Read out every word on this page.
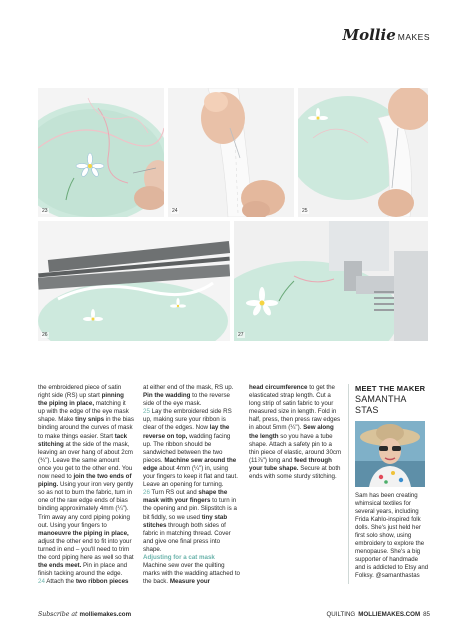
Mollie MAKES
23	24	25
26	27

the embroidered piece of satin right side (RS) up start pinning the piping in place, matching it up with the edge of the eye mask shape. Make tiny snips in the bias binding around the curves of mask to make things easier. Start tack stitching at the side of the mask, leaving an over hang of about 2cm (¾"). Leave the same amount once you get to the other end. You now need to join the two ends of piping. Using your iron very gently so as not to burn the fabric, turn in one of the raw edge ends of bias binding approximately 4mm (¼"). Trim away any cord piping poking out. Using your fingers to manoeuvre the piping in place, adjust the other end to fit into your turned in end – you'll need to trim the cord piping here as well so that the ends meet. Pin in place and finish tacking around the edge.
24 Attach the two ribbon pieces

at either end of the mask, RS up. Pin the wadding to the reverse side of the eye mask.
25 Lay the embroidered side RS up, making sure your ribbon is clear of the edges. Now lay the reverse on top, wadding facing up. The ribbon should be sandwiched between the two pieces. Machine sew around the edge about 4mm (¼") in, using your fingers to keep it flat and taut. Leave an opening for turning.
26 Turn RS out and shape the mask with your fingers to turn in the opening and pin. Slipstitch is a bit fiddly, so we used tiny stab stitches through both sides of fabric in matching thread. Cover and give one final press into shape.

Adjusting for a cat mask
Machine sew over the quilting marks with the wadding attached to the back. Measure your

head circumference to get the elasticated strap length. Cut a long strip of satin fabric to your measured size in length. Fold in half, press, then press raw edges in about 5mm (¼"). Sew along the length so you have a tube shape. Attach a safety pin to a thin piece of elastic, around 30cm (11⅞") long and feed through your tube shape. Secure at both ends with some sturdy stitching.

MEET THE MAKER
SAMANTHA STAS
Sam has been creating whimsical textiles for several years, including Frida Kahlo-inspired folk dolls. She's just held her first solo show, using embroidery to explore the menopause. She's a big supporter of handmade and is addicted to Etsy and Folksy. @samanthastas
Subscribe at molliemakes.com	QUILTING MOLLIEMAKES.COM 85
